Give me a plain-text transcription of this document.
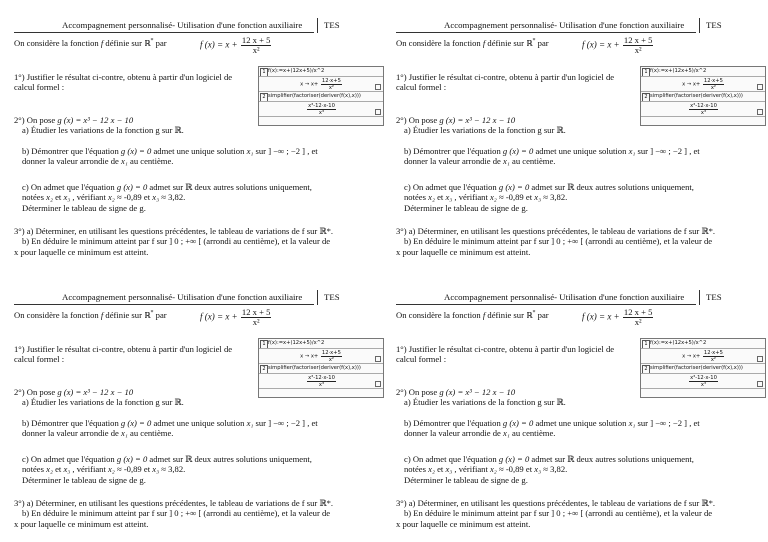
Accompagnement personnalisé- Utilisation d'une fonction auxiliaire TES
On considère la fonction f définie sur ℝ* par	f $(x) = x + \frac{12 x + 5}{\text{x²}}$
1°) Justifier le résultat ci-contre, obtenu à partir d'un logiciel de calcul formel :
1 f(x):=x+(12x+5)/x^2
$x \to x+ \frac{12\cdot x+5}{\text{x²}}$
2 simplifier(factoriser(deriver(f(x),x)))
$\frac{\text{x³-12·x-10}}{\text{x³}}$
2°) On pose g (x) = x³ − 12 x − 10
a) Étudier les variations de la fonction g sur ℝ.
b) Démontrer que l'équation g (x) = 0 admet une unique solution x₁ sur ] −∞ ; −2 ] , et
donner la valeur arrondie de x₁ au centième.
c) On admet que l'équation g (x) = 0 admet sur ℝ deux autres solutions uniquement,
notées x₂ et x₃ , vérifiant x₂ ≈ -0,89 et x₃ ≈ 3,82.
Déterminer le tableau de signe de g.
3°) a) Déterminer, en utilisant les questions précédentes, le tableau de variations de f sur ℝ*.
b) En déduire le minimum atteint par f sur ] 0 ; +∞ [ (arrondi au centième), et la valeur de
x pour laquelle ce minimum est atteint.
Accompagnement personnalisé- Utilisation d'une fonction auxiliaire TES
On considère la fonction f définie sur ℝ* par	f $(x) = x + \frac{12 x + 5}{\text{x²}}$
1°) Justifier le résultat ci-contre, obtenu à partir d'un logiciel de calcul formel :
1 f(x):=x+(12x+5)/x^2
$x \to x+ \frac{12\cdot x+5}{\text{x²}}$
2 simplifier(factoriser(deriver(f(x),x)))
$\frac{\text{x³-12·x-10}}{\text{x³}}$
2°) On pose g (x) = x³ − 12 x − 10
a) Étudier les variations de la fonction g sur ℝ.
b) Démontrer que l'équation g (x) = 0 admet une unique solution x₁ sur ] −∞ ; −2 ] , et
donner la valeur arrondie de x₁ au centième.
c) On admet que l'équation g (x) = 0 admet sur ℝ deux autres solutions uniquement,
notées x₂ et x₃ , vérifiant x₂ ≈ -0,89 et x₃ ≈ 3,82.
Déterminer le tableau de signe de g.
3°) a) Déterminer, en utilisant les questions précédentes, le tableau de variations de f sur ℝ*.
b) En déduire le minimum atteint par f sur ] 0 ; +∞ [ (arrondi au centième), et la valeur de
x pour laquelle ce minimum est atteint.
Accompagnement personnalisé- Utilisation d'une fonction auxiliaire TES
On considère la fonction f définie sur ℝ* par	f $(x) = x + \frac{12 x + 5}{\text{x²}}$
1°) Justifier le résultat ci-contre, obtenu à partir d'un logiciel de calcul formel :
1 f(x):=x+(12x+5)/x^2
$x \to x+ \frac{12\cdot x+5}{\text{x²}}$
2 simplifier(factoriser(deriver(f(x),x)))
$\frac{\text{x³-12·x-10}}{\text{x³}}$
2°) On pose g (x) = x³ − 12 x − 10
a) Étudier les variations de la fonction g sur ℝ.
b) Démontrer que l'équation g (x) = 0 admet une unique solution x₁ sur ] −∞ ; −2 ] , et
donner la valeur arrondie de x₁ au centième.
c) On admet que l'équation g (x) = 0 admet sur ℝ deux autres solutions uniquement,
notées x₂ et x₃ , vérifiant x₂ ≈ -0,89 et x₃ ≈ 3,82.
Déterminer le tableau de signe de g.
3°) a) Déterminer, en utilisant les questions précédentes, le tableau de variations de f sur ℝ*.
b) En déduire le minimum atteint par f sur ] 0 ; +∞ [ (arrondi au centième), et la valeur de
x pour laquelle ce minimum est atteint.
Accompagnement personnalisé- Utilisation d'une fonction auxiliaire TES
On considère la fonction f définie sur ℝ* par	f $(x) = x + \frac{12 x + 5}{\text{x²}}$
1°) Justifier le résultat ci-contre, obtenu à partir d'un logiciel de calcul formel :
1 f(x):=x+(12x+5)/x^2
$x \to x+ \frac{12\cdot x+5}{\text{x²}}$
2 simplifier(factoriser(deriver(f(x),x)))
$\frac{\text{x³-12·x-10}}{\text{x³}}$
2°) On pose g (x) = x³ − 12 x − 10
a) Étudier les variations de la fonction g sur ℝ.
b) Démontrer que l'équation g (x) = 0 admet une unique solution x₁ sur ] −∞ ; −2 ] , et
donner la valeur arrondie de x₁ au centième.
c) On admet que l'équation g (x) = 0 admet sur ℝ deux autres solutions uniquement,
notées x₂ et x₃ , vérifiant x₂ ≈ -0,89 et x₃ ≈ 3,82.
Déterminer le tableau de signe de g.
3°) a) Déterminer, en utilisant les questions précédentes, le tableau de variations de f sur ℝ*.
b) En déduire le minimum atteint par f sur ] 0 ; +∞ [ (arrondi au centième), et la valeur de
x pour laquelle ce minimum est atteint.
